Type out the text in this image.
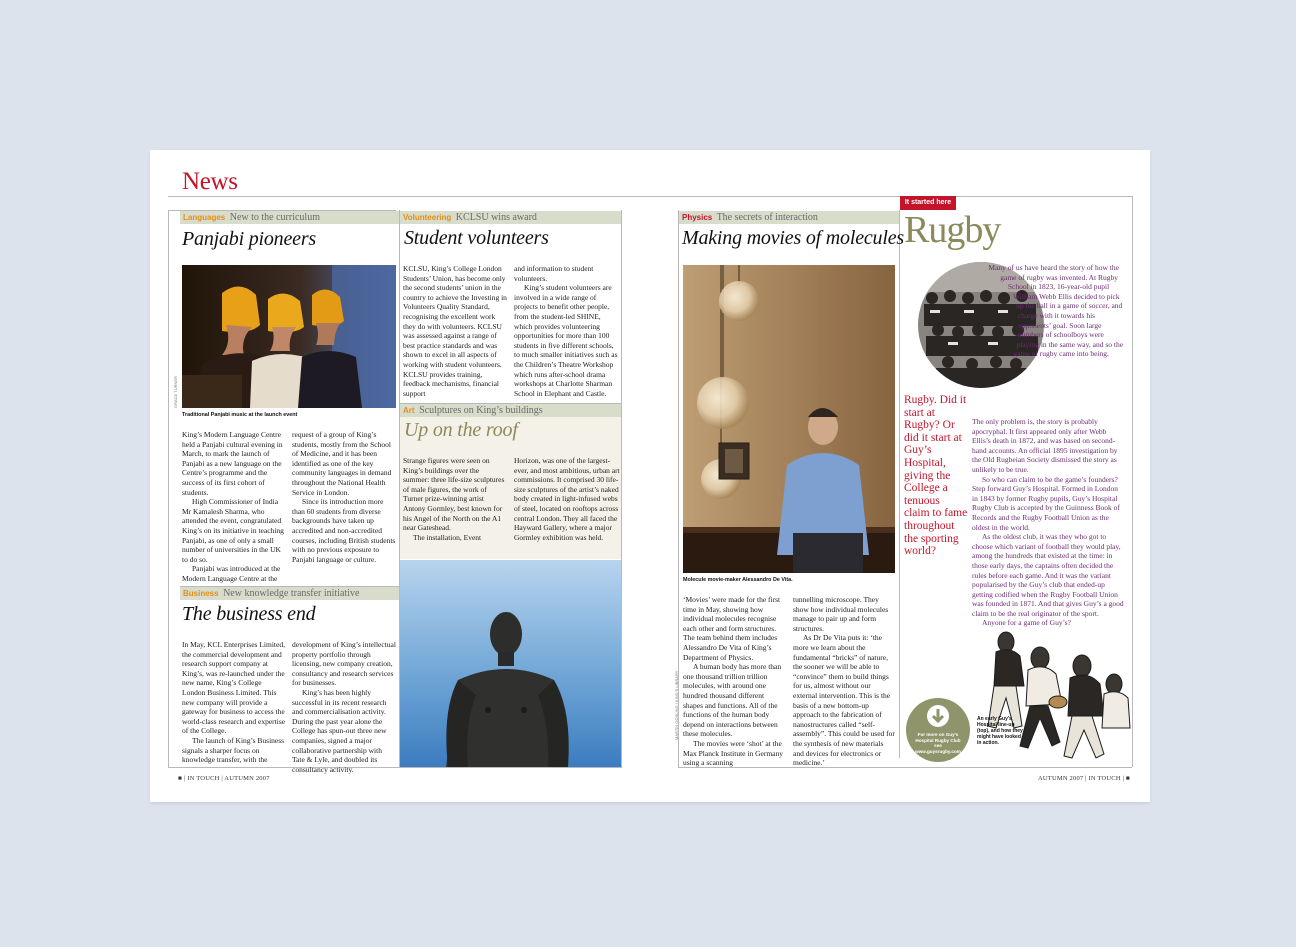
News
Languages New to the curriculum
Panjabi pioneers
GRACE TURNER
Traditional Panjabi music at the launch event

King’s Modern Language Centre held a Panjabi cultural evening in March, to mark the launch of Panjabi as a new language on the Centre’s programme and the success of its first cohort of students.

High Commissioner of India Mr Kamalesh Sharma, who attended the event, congratulated King’s on its initiative in teaching Panjabi, as one of only a small number of universities in the UK to do so.

Panjabi was introduced at the Modern Language Centre at the

request of a group of King’s students, mostly from the School of Medicine, and it has been identified as one of the key community languages in demand throughout the National Health Service in London.

Since its introduction more than 60 students from diverse backgrounds have taken up accredited and non-accredited courses, including British students with no previous exposure to Panjabi language or culture.

Business New knowledge transfer initiative
The business end

In May, KCL Enterprises Limited, the commercial development and research support company at King’s, was re-launched under the new name, King’s College London Business Limited. This new company will provide a gateway for business to access the world-class research and expertise of the College.

The launch of King’s Business signals a sharper focus on knowledge transfer, with the

development of King’s intellectual property portfolio through licensing, new company creation, consultancy and research services for businesses.

King’s has been highly successful in its recent research and commercialisation activity. During the past year alone the College has spun-out three new companies, signed a major collaborative partnership with Tate & Lyle, and doubled its consultancy activity.

Volunteering KCLSU wins award
Student volunteers

KCLSU, King’s College London Students’ Union, has become only the second students’ union in the country to achieve the Investing in Volunteers Quality Standard, recognising the excellent work they do with volunteers. KCLSU was assessed against a range of best practice standards and was shown to excel in all aspects of working with student volunteers. KCLSU provides training, feedback mechanisms, financial support

and information to student volunteers.

King’s student volunteers are involved in a wide range of projects to benefit other people, from the student-led SHINE, which provides volunteering opportunities for more than 100 students in five different schools, to much smaller initiatives such as the Children’s Theatre Workshop which runs after-school drama workshops at Charlotte Sharman School in Elephant and Castle.

Art Sculptures on King’s buildings
Up on the roof

Strange figures were seen on King’s buildings over the summer: three life-size sculptures of male figures, the work of Turner prize-winning artist Antony Gormley, best known for his Angel of the North on the A1 near Gateshead.

The installation, Event

Horizon, was one of the largest-ever, and most ambitious, urban art commissions. It comprised 30 life-size sculptures of the artist’s naked body created in light-infused webs of steel, located on rooftops across central London. They all faced the Hayward Gallery, where a major Gormley exhibition was held.

MARTIN GOSLING / KING’S LIBRARY
Physics The secrets of interaction
Making movies of molecules
Molecule movie-maker Alessandro De Vita.

‘Movies’ were made for the first time in May, showing how individual molecules recognise each other and form structures. The team behind them includes Alessandro De Vita of King’s Department of Physics.

A human body has more than one thousand trillion trillion molecules, with around one hundred thousand different shapes and functions. All of the functions of the human body depend on interactions between these molecules.

The movies were ‘shot’ at the Max Planck Institute in Germany using a scanning

tunnelling microscope. They show how individual molecules manage to pair up and form structures.

As Dr De Vita puts it: ‘the more we learn about the fundamental “bricks” of nature, the sooner we will be able to “convince” them to build things for us, almost without our external intervention. This is the basis of a new bottom-up approach to the fabrication of nanostructures called “self-assembly”. This could be used for the synthesis of new materials and devices for electronics or medicine.’

It started here
Rugby
Rugby. Did it start at Rugby? Or did it start at Guy’s Hospital, giving the College a tenuous claim to fame throughout the sporting world?

Many of us have heard the story of how the game of rugby was invented. At Rugby School in 1823, 16-year-old pupil William Webb Ellis decided to pick up the ball in a game of soccer, and charge with it towards his opponents’ goal. Soon large numbers of schoolboys were playing in the same way, and so the game of rugby came into being.

The only problem is, the story is probably apocryphal. It first appeared only after Webb Ellis’s death in 1872, and was based on second-hand accounts. An official 1895 investigation by the Old Rugbeian Society dismissed the story as unlikely to be true.

So who can claim to be the game’s founders? Step forward Guy’s Hospital. Formed in London in 1843 by former Rugby pupils, Guy’s Hospital Rugby Club is accepted by the Guinness Book of Records and the Rugby Football Union as the oldest in the world.

As the oldest club, it was they who got to choose which variant of football they would play, among the hundreds that existed at the time: in those early days, the captains often decided the rules before each game. And it was the variant popularised by the Guy’s club that ended-up getting codified when the Rugby Football Union was founded in 1871. And that gives Guy’s a good claim to be the real originator of the sport.

Anyone for a game of Guy’s?

For more on Guy’s Hospital Rugby Club see www.guysrugby.com
An early Guy’s Hospital line-up (top), and how they might have looked in action.
■ | IN TOUCH | AUTUMN 2007	AUTUMN 2007 | IN TOUCH | ■
